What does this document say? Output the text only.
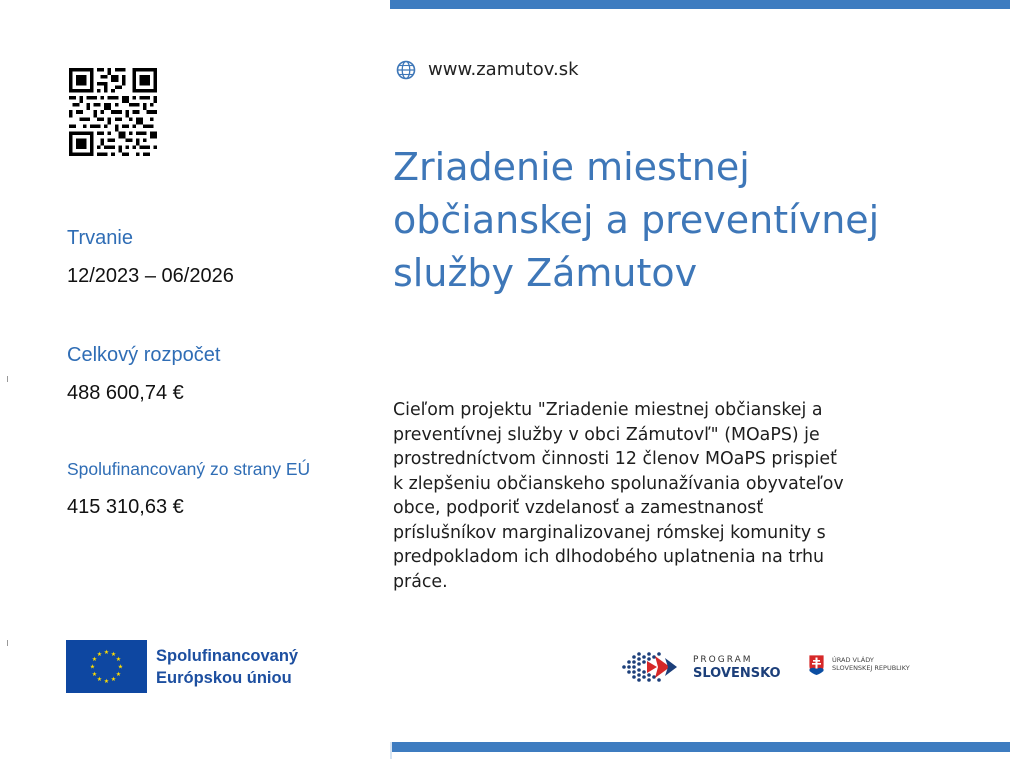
Trvanie
12/2023 – 06/2026
Celkový rozpočet
488 600,74 €
Spolufinancovaný zo strany EÚ
415 310,63 €
★ ★
★
★
★
★
★
★
★
★
★
★	Spolufinancovaný
Európskou úniou
www.zamutov.sk
Zriadenie miestnej
občianskej a preventívnej
služby Zámutov
Cieľom projektu "Zriadenie miestnej občianskej a
preventívnej služby v obci Zámutovľ" (MOaPS) je
prostredníctvom činnosti 12 členov MOaPS prispieť
k zlepšeniu občianskeho spolunažívania obyvateľov
obce, podporiť vzdelanosť a zamestnanosť
príslušníkov marginalizovanej rómskej komunity s
predpokladom ich dlhodobého uplatnenia na trhu
práce.
PROGRAM
SLOVENSKO
ÚRAD VLÁDY
SLOVENSKEJ REPUBLIKY
